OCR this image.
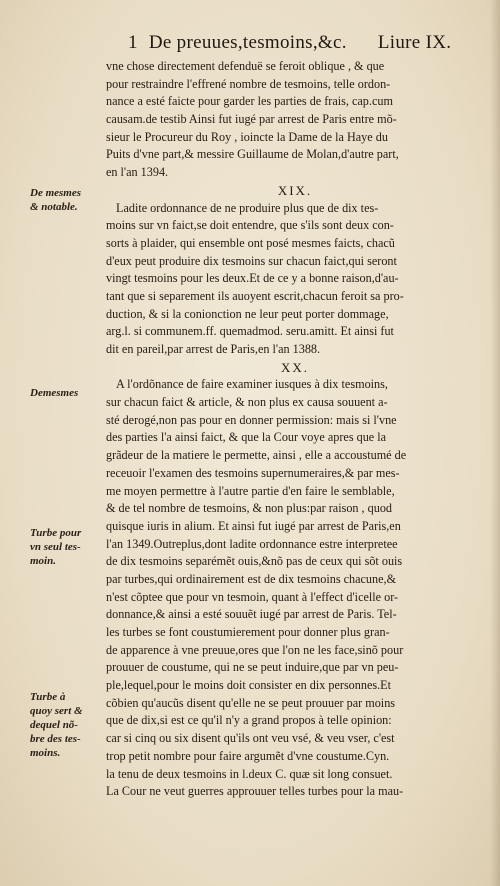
1 De preuues,tesmoins,&c. Liure IX.
De mesmes
& notable.
Demesmes
Turbe pour
vn seul tes-
moin.
Turbe à
quoy sert &
dequel nõ-
bre des tes-
moins.
vne chose directement defenduë se feroit oblique , & que
pour restraindre l'effrené nombre de tesmoins, telle ordon-
nance a esté faicte pour garder les parties de frais, cap.cum
causam.de testib Ainsi fut iugé par arrest de Paris entre mõ-
sieur le Procureur du Roy , ioincte la Dame de la Haye du
Puits d'vne part,& messire Guillaume de Molan,d'autre part,
en l'an 1394.
XIX.
Ladite ordonnance de ne produire plus que de dix tes-
moins sur vn faict,se doit entendre, que s'ils sont deux con-
sorts à plaider, qui ensemble ont posé mesmes faicts, chacũ
d'eux peut produire dix tesmoins sur chacun faict,qui seront
vingt tesmoins pour les deux.Et de ce y a bonne raison,d'au-
tant que si separement ils auoyent escrit,chacun feroit sa pro-
duction, & si la conionction ne leur peut porter dommage,
arg.l. si communem.ff. quemadmod. seru.amitt. Et ainsi fut
dit en pareil,par arrest de Paris,en l'an 1388.
XX.
A l'ordõnance de faire examiner iusques à dix tesmoins,
sur chacun faict & article, & non plus ex causa souuent a-
sté derogé,non pas pour en donner permission: mais si l'vne
des parties l'a ainsi faict, & que la Cour voye apres que la
grãdeur de la matiere le permette, ainsi , elle a accoustumé de
receuoir l'examen des tesmoins supernumeraires,& par mes-
me moyen permettre à l'autre partie d'en faire le semblable,
& de tel nombre de tesmoins, & non plus:par raison , quod
quisque iuris in alium. Et ainsi fut iugé par arrest de Paris,en
l'an 1349.Outreplus,dont ladite ordonnance estre interpretee
de dix tesmoins separémẽt ouis,&nõ pas de ceux qui sõt ouis
par turbes,qui ordinairement est de dix tesmoins chacune,&
n'est cõptee que pour vn tesmoin, quant à l'effect d'icelle or-
donnance,& ainsi a esté souuẽt iugé par arrest de Paris. Tel-
les turbes se font coustumierement pour donner plus gran-
de apparence à vne preuue,ores que l'on ne les face,sinõ pour
prouuer de coustume, qui ne se peut induire,que par vn peu-
ple,lequel,pour le moins doit consister en dix personnes.Et
cõbien qu'aucũs disent qu'elle ne se peut prouuer par moins
que de dix,si est ce qu'il n'y a grand propos à telle opinion:
car si cinq ou six disent qu'ils ont veu vsé, & veu vser, c'est
trop petit nombre pour faire argumẽt d'vne coustume.Cyn.
la tenu de deux tesmoins in l.deux C. quæ sit long consuet.
La Cour ne veut guerres approuuer telles turbes pour la mau-
